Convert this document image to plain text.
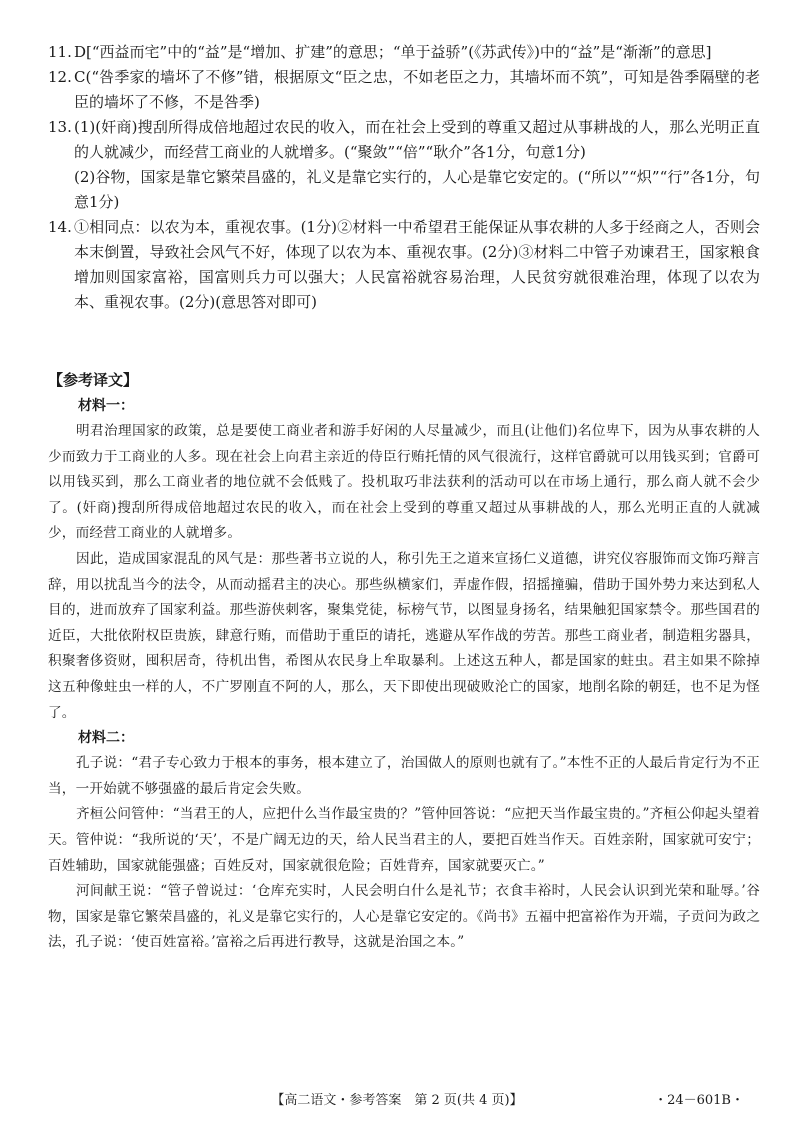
11. D[“西益而宅”中的“益”是“增加、扩建”的意思；“单于益骄”(《苏武传》)中的“益”是“渐渐”的意思]

12. C(“咎季家的墙坏了不修”错，根据原文“臣之忠，不如老臣之力，其墙坏而不筑”，可知是咎季隔壁的老臣的墙坏了不修，不是咎季)

13. (1)(奸商)搜刮所得成倍地超过农民的收入，而在社会上受到的尊重又超过从事耕战的人，那么光明正直的人就减少，而经营工商业的人就增多。(“聚敛”“倍”“耿介”各1分，句意1分)

(2)谷物，国家是靠它繁荣昌盛的，礼义是靠它实行的，人心是靠它安定的。(“所以”“炽”“行”各1分，句意1分)

14. ①相同点：以农为本，重视农事。(1分)②材料一中希望君王能保证从事农耕的人多于经商之人，否则会本末倒置，导致社会风气不好，体现了以农为本、重视农事。(2分)③材料二中管子劝谏君王，国家粮食增加则国家富裕，国富则兵力可以强大；人民富裕就容易治理，人民贫穷就很难治理，体现了以农为本、重视农事。(2分)(意思答对即可)

【参考译文】

材料一：

明君治理国家的政策，总是要使工商业者和游手好闲的人尽量减少，而且(让他们)名位卑下，因为从事农耕的人少而致力于工商业的人多。现在社会上向君主亲近的侍臣行贿托情的风气很流行，这样官爵就可以用钱买到；官爵可以用钱买到，那么工商业者的地位就不会低贱了。投机取巧非法获利的活动可以在市场上通行，那么商人就不会少了。(奸商)搜刮所得成倍地超过农民的收入，而在社会上受到的尊重又超过从事耕战的人，那么光明正直的人就减少，而经营工商业的人就增多。

因此，造成国家混乱的风气是：那些著书立说的人，称引先王之道来宣扬仁义道德，讲究仪容服饰而文饰巧辩言辞，用以扰乱当今的法令，从而动摇君主的决心。那些纵横家们，弄虚作假，招摇撞骗，借助于国外势力来达到私人目的，进而放弃了国家利益。那些游侠刺客，聚集党徒，标榜气节，以图显身扬名，结果触犯国家禁令。那些国君的近臣，大批依附权臣贵族，肆意行贿，而借助于重臣的请托，逃避从军作战的劳苦。那些工商业者，制造粗劣器具，积聚奢侈资财，囤积居奇，待机出售，希图从农民身上牟取暴利。上述这五种人，都是国家的蛀虫。君主如果不除掉这五种像蛀虫一样的人，不广罗刚直不阿的人，那么，天下即使出现破败沦亡的国家，地削名除的朝廷，也不足为怪了。

材料二：

孔子说：“君子专心致力于根本的事务，根本建立了，治国做人的原则也就有了。”本性不正的人最后肯定行为不正当，一开始就不够强盛的最后肯定会失败。

齐桓公问管仲：“当君王的人，应把什么当作最宝贵的？”管仲回答说：“应把天当作最宝贵的。”齐桓公仰起头望着天。管仲说：“我所说的‘天’，不是广阔无边的天，给人民当君主的人，要把百姓当作天。百姓亲附，国家就可安宁；百姓辅助，国家就能强盛；百姓反对，国家就很危险；百姓背弃，国家就要灭亡。”

河间献王说：“管子曾说过：‘仓库充实时，人民会明白什么是礼节；衣食丰裕时，人民会认识到光荣和耻辱。’谷物，国家是靠它繁荣昌盛的，礼义是靠它实行的，人心是靠它安定的。《尚书》五福中把富裕作为开端，子贡问为政之法，孔子说：‘使百姓富裕。’富裕之后再进行教导，这就是治国之本。”

【高二语文・参考答案　第 2 页(共 4 页)】	・24－601B・
